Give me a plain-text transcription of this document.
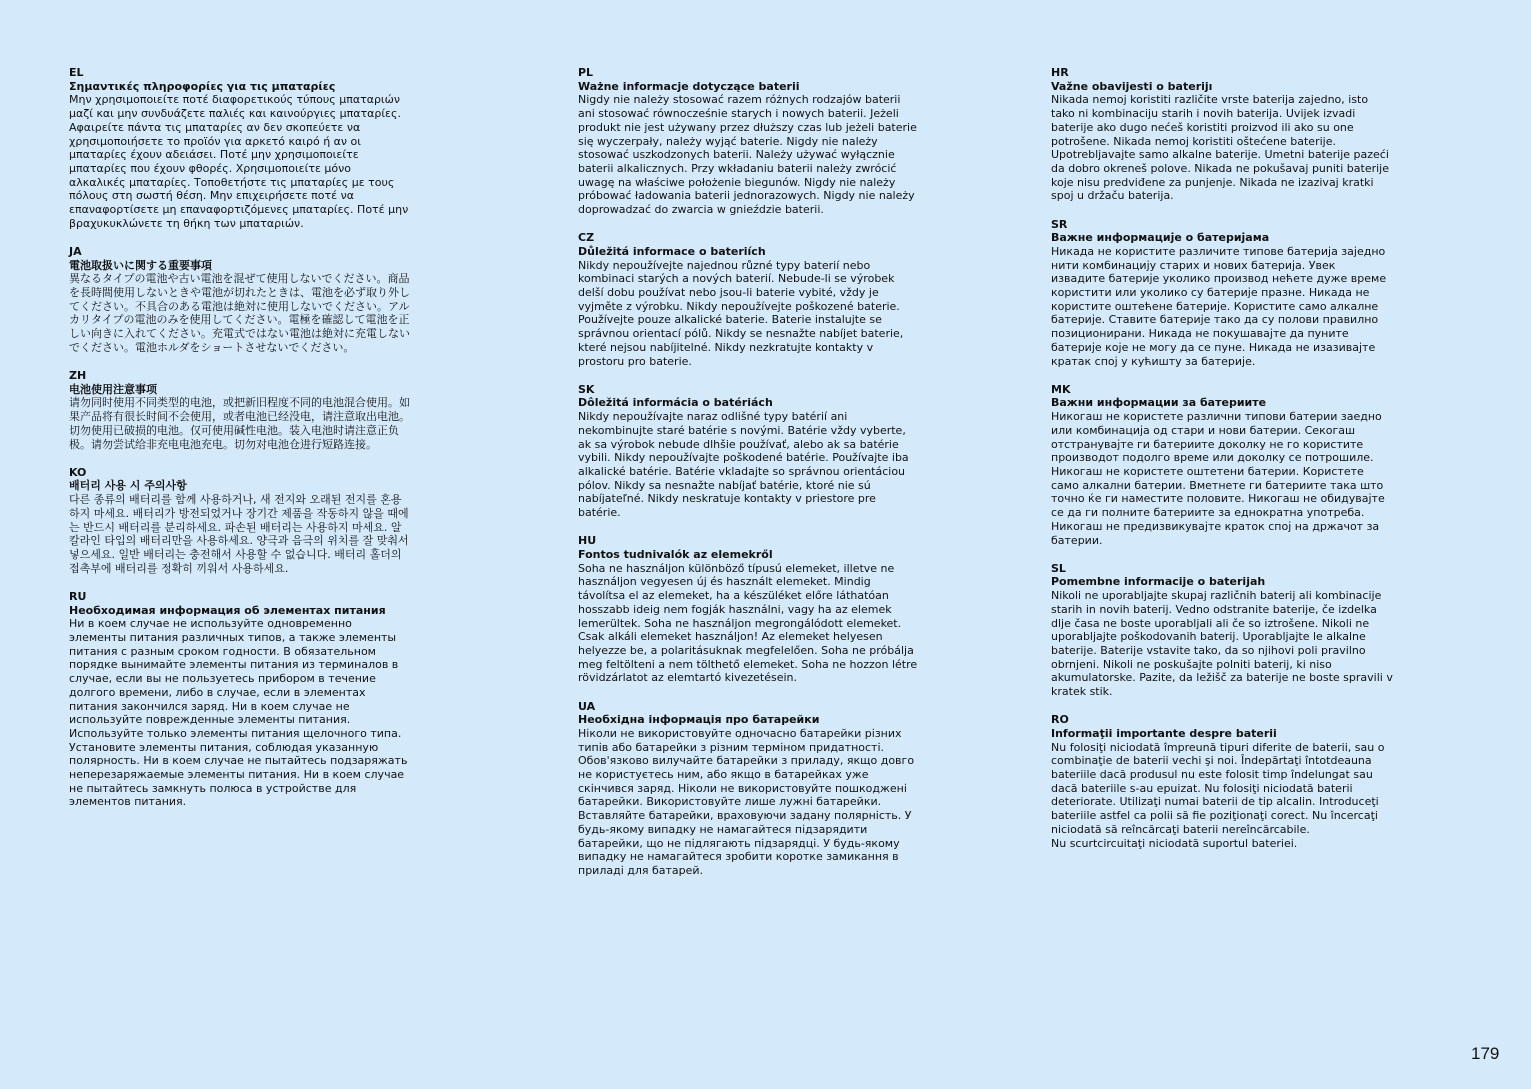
EL
Σημαντικές πληροφορίες για τις μπαταρίες

Μην χρησιμοποιείτε ποτέ διαφορετικούς τύπους μπαταριών μαζί και μην συνδυάζετε παλιές και καινούργιες μπαταρίες. Αφαιρείτε πάντα τις μπαταρίες αν δεν σκοπεύετε να χρησιμοποιήσετε το προϊόν για αρκετό καιρό ή αν οι μπαταρίες έχουν αδειάσει. Ποτέ μην χρησιμοποιείτε μπαταρίες που έχουν φθορές. Χρησιμοποιείτε μόνο αλκαλικές μπαταρίες. Τοποθετήστε τις μπαταρίες με τους πόλους στη σωστή θέση. Μην επιχειρήσετε ποτέ να επαναφορτίσετε μη επαναφορτιζόμενες μπαταρίες. Ποτέ μην βραχυκυκλώνετε τη θήκη των μπαταριών.

JA
電池取扱いに関する重要事項

異なるタイプの電池や古い電池を混ぜて使用しないでください。商品を長時間使用しないときや電池が切れたときは、電池を必ず取り外してください。不具合のある電池は絶対に使用しないでください。アルカリタイプの電池のみを使用してください。電極を確認して電池を正しい向きに入れてください。充電式ではない電池は絶対に充電しないでください。電池ホルダをショートさせないでください。

ZH
电池使用注意事项

请勿同时使用不同类型的电池，或把新旧程度不同的电池混合使用。如果产品将有很长时间不会使用，或者电池已经没电，请注意取出电池。切勿使用已破损的电池。仅可使用碱性电池。装入电池时请注意正负极。请勿尝试给非充电电池充电。切勿对电池仓进行短路连接。

KO
배터리 사용 시 주의사항

다른 종류의 배터리를 함께 사용하거나, 새 전지와 오래된 전지를 혼용하지 마세요. 배터리가 방전되었거나 장기간 제품을 작동하지 않을 때에는 반드시 배터리를 분리하세요. 파손된 배터리는 사용하지 마세요. 알칼라인 타입의 배터리만을 사용하세요. 양극과 음극의 위치를 잘 맞춰서 넣으세요. 일반 배터리는 충전해서 사용할 수 없습니다. 배터리 홀더의 접촉부에 배터리를 정확히 끼워서 사용하세요.

RU
Необходимая информация об элементах питания

Ни в коем случае не используйте одновременно элементы питания различных типов, а также элементы питания с разным сроком годности. В обязательном порядке вынимайте элементы питания из терминалов в случае, если вы не пользуетесь прибором в течение долгого времени, либо в случае, если в элементах питания закончился заряд. Ни в коем случае не используйте поврежденные элементы питания. Используйте только элементы питания щелочного типа. Установите элементы питания, соблюдая указанную полярность. Ни в коем случае не пытайтесь подзаряжать неперезаряжаемые элементы питания. Ни в коем случае не пытайтесь замкнуть полюса в устройстве для элементов питания.

PL
Ważne informacje dotyczące baterii

Nigdy nie należy stosować razem różnych rodzajów baterii ani stosować równocześnie starych i nowych baterii. Jeżeli produkt nie jest używany przez dłuższy czas lub jeżeli baterie się wyczerpały, należy wyjąć baterie. Nigdy nie należy stosować uszkodzonych baterii. Należy używać wyłącznie baterii alkalicznych. Przy wkładaniu baterii należy zwrócić uwagę na właściwe położenie biegunów. Nigdy nie należy próbować ładowania baterii jednorazowych. Nigdy nie należy doprowadzać do zwarcia w gnieździe baterii.

CZ
Důležitá informace o bateriích

Nikdy nepoužívejte najednou různé typy baterií nebo kombinaci starých a nových baterií. Nebude-li se výrobek delší dobu používat nebo jsou-li baterie vybité, vždy je vyjměte z výrobku. Nikdy nepoužívejte poškozené baterie. Používejte pouze alkalické baterie. Baterie instalujte se správnou orientací pólů. Nikdy se nesnažte nabíjet baterie, které nejsou nabíjitelné. Nikdy nezkratujte kontakty v prostoru pro baterie.

SK
Dôležitá informácia o batériách

Nikdy nepoužívajte naraz odlišné typy batérií ani nekombinujte staré batérie s novými. Batérie vždy vyberte, ak sa výrobok nebude dlhšie používať, alebo ak sa batérie vybili. Nikdy nepoužívajte poškodené batérie. Používajte iba alkalické batérie. Batérie vkladajte so správnou orientáciou pólov. Nikdy sa nesnažte nabíjať batérie, ktoré nie sú nabíjateľné. Nikdy neskratuje kontakty v priestore pre batérie.

HU
Fontos tudnivalók az elemekről

Soha ne használjon különböző típusú elemeket, illetve ne használjon vegyesen új és használt elemeket. Mindig távolítsa el az elemeket, ha a készüléket előre láthatóan hosszabb ideig nem fogják használni, vagy ha az elemek lemerültek. Soha ne használjon megrongálódott elemeket. Csak alkáli elemeket használjon! Az elemeket helyesen helyezze be, a polaritásuknak megfelelően. Soha ne próbálja meg feltölteni a nem tölthető elemeket. Soha ne hozzon létre rövidzárlatot az elemtartó kivezetésein.

UA
Необхідна інформація про батарейки

Ніколи не використовуйте одночасно батарейки різних типів або батарейки з різним терміном придатності. Обов'язково вилучайте батарейки з приладу, якщо довго не користуєтесь ним, або якщо в батарейках уже скінчився заряд. Ніколи не використовуйте пошкоджені батарейки. Використовуйте лише лужні батарейки. Вставляйте батарейки, враховуючи задану полярність. У будь-якому випадку не намагайтеся підзарядити батарейки, що не підлягають підзарядці. У будь-якому випадку не намагайтеся зробити коротке замикання в приладі для батарей.

HR
Važne obavijesti o baterijı

Nikada nemoj koristiti različite vrste baterija zajedno, isto tako ni kombinaciju starih i novih baterija. Uvijek izvadi baterije ako dugo nećeš koristiti proizvod ili ako su one potrošene. Nikada nemoj koristiti oštećene baterije. Upotrebljavajte samo alkalne baterije. Umetni baterije pazeći da dobro okreneš polove. Nikada ne pokušavaj puniti baterije koje nisu predviđene za punjenje. Nikada ne izazivaj kratki spoj u držaču baterija.

SR
Важне информације о батеријама

Никада не користите различите типове батерија заједно нити комбинацију старих и нових батерија. Увек извадите батерије уколико производ нећете дуже време користити или уколико су батерије празне. Никада не користите оштећене батерије. Користите само алкалне батерије. Ставите батерије тако да су полови правилно позиционирани. Никада не покушавајте да пуните батерије које не могу да се пуне. Никада не изазивајте кратак спој у кућишту за батерије.

MK
Важни информации за батериите

Никогаш не користете различни типови батерии заедно или комбинација од стари и нови батерии. Секогаш отстранувајте ги батериите доколку не го користите производот подолго време или доколку се потрошиле. Никогаш не користете оштетени батерии. Користете само алкални батерии. Вметнете ги батериите така што точно ќе ги наместите половите. Никогаш не обидувајте се да ги полните батериите за еднократна употреба. Никогаш не предизвикувајте краток спој на држачот за батерии.

SL
Pomembne informacije o baterijah

Nikoli ne uporabljajte skupaj različnih baterij ali kombinacije starih in novih baterij. Vedno odstranite baterije, če izdelka dlje časa ne boste uporabljali ali če so iztrošene. Nikoli ne uporabljajte poškodovanih baterij. Uporabljajte le alkalne baterije. Baterije vstavite tako, da so njihovi poli pravilno obrnjeni. Nikoli ne poskušajte polniti baterij, ki niso akumulatorske. Pazite, da ležišč za baterije ne boste spravili v kratek stik.

RO
Informaţii importante despre baterii

Nu folosiţi niciodată împreună tipuri diferite de baterii, sau o combinaţie de baterii vechi şi noi. Îndepărtaţi întotdeauna bateriile dacă produsul nu este folosit timp îndelungat sau dacă bateriile s-au epuizat. Nu folosiţi niciodată baterii deteriorate. Utilizaţi numai baterii de tip alcalin. Introduceţi bateriile astfel ca polii să fie poziţionaţi corect. Nu încercaţi niciodată să reîncărcaţi baterii nereîncărcabile.
Nu scurtcircuitaţi niciodată suportul bateriei.

179
